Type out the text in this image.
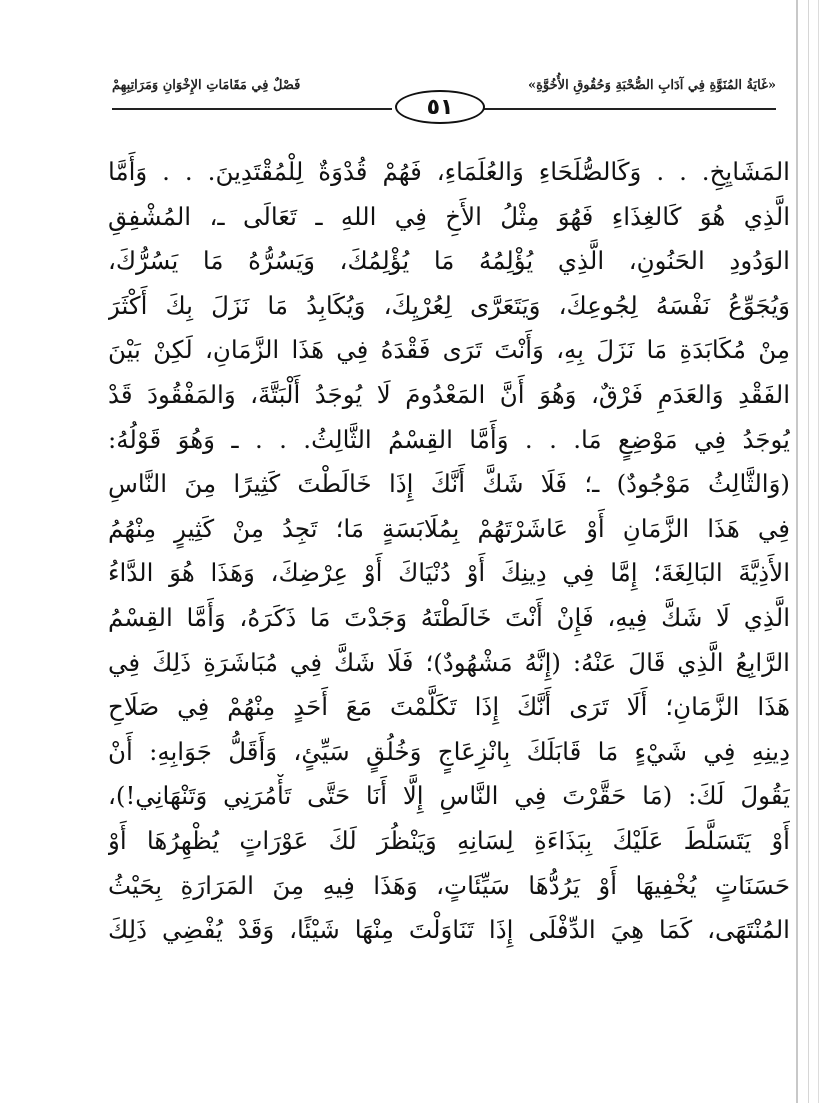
«غَايَةُ المُنَوَّةِ فِي آدَابِ الصُّحْبَةِ وَحُقُوقِ الأُخُوَّةِ»
فَصْلٌ فِي مَقَامَاتِ الإِخْوَانِ وَمَرَاتِبِهِمْ
٥١
المَشَايِخِ. . . وَكَالصُّلَحَاءِ وَالعُلَمَاءِ، فَهُمْ قُدْوَةٌ لِلْمُقْتَدِينَ. . . وَأَمَّا
الَّذِي هُوَ كَالغِذَاءِ فَهُوَ مِثْلُ الأَخِ فِي اللهِ ـ تَعَالَى ـ، المُشْفِقِ
الوَدُودِ الحَنُونِ، الَّذِي يُؤْلِمُهُ مَا يُؤْلِمُكَ، وَيَسُرُّهُ مَا يَسُرُّكَ،
وَيُجَوِّعُ نَفْسَهُ لِجُوعِكَ، وَيَتَعَرَّى لِعُرْيِكَ، وَيُكَابِدُ مَا نَزَلَ بِكَ أَكْثَرَ
مِنْ مُكَابَدَةِ مَا نَزَلَ بِهِ، وَأَنْتَ تَرَى فَقْدَهُ فِي هَذَا الزَّمَانِ، لَكِنْ بَيْنَ
الفَقْدِ وَالعَدَمِ فَرْقٌ، وَهُوَ أَنَّ المَعْدُومَ لَا يُوجَدُ أَلْبَتَّةَ، وَالمَفْقُودَ قَدْ
يُوجَدُ فِي مَوْضِعٍ مَا. . . وَأَمَّا القِسْمُ الثَّالِثُ. . . ـ وَهُوَ قَوْلُهُ:
(وَالثَّالِثُ مَوْجُودٌ) ـ؛ فَلَا شَكَّ أَنَّكَ إِذَا خَالَطْتَ كَثِيرًا مِنَ النَّاسِ
فِي هَذَا الزَّمَانِ أَوْ عَاشَرْتَهُمْ بِمُلَابَسَةٍ مَا؛ تَجِدُ مِنْ كَثِيرٍ مِنْهُمُ
الأَذِيَّةَ البَالِغَةَ؛ إِمَّا فِي دِينِكَ أَوْ دُنْيَاكَ أَوْ عِرْضِكَ، وَهَذَا هُوَ الدَّاءُ
الَّذِي لَا شَكَّ فِيهِ، فَإِنْ أَنْتَ خَالَطْتَهُ وَجَدْتَ مَا ذَكَرَهُ، وَأَمَّا القِسْمُ
الرَّابِعُ الَّذِي قَالَ عَنْهُ: (إِنَّهُ مَشْهُودٌ)؛ فَلَا شَكَّ فِي مُبَاشَرَةِ ذَلِكَ فِي
هَذَا الزَّمَانِ؛ أَلَا تَرَى أَنَّكَ إِذَا تَكَلَّمْتَ مَعَ أَحَدٍ مِنْهُمْ فِي صَلَاحِ
دِينِهِ فِي شَيْءٍ مَا قَابَلَكَ بِانْزِعَاجٍ وَخُلُقٍ سَيِّئٍ، وَأَقَلُّ جَوَابِهِ: أَنْ
يَقُولَ لَكَ: (مَا حَقَّرْتَ فِي النَّاسِ إِلَّا أَنَا حَتَّى تَأْمُرَنِي وَتَنْهَانِي!)،
أَوْ يَتَسَلَّطَ عَلَيْكَ بِبَذَاءَةِ لِسَانِهِ وَيَنْظُرَ لَكَ عَوْرَاتٍ يُظْهِرُهَا أَوْ
حَسَنَاتٍ يُخْفِيهَا أَوْ يَرُدُّهَا سَيِّئَاتٍ، وَهَذَا فِيهِ مِنَ المَرَارَةِ بِحَيْثُ
المُنْتَهَى، كَمَا هِيَ الدِّفْلَى إِذَا تَنَاوَلْتَ مِنْهَا شَيْئًا، وَقَدْ يُفْضِي ذَلِكَ
